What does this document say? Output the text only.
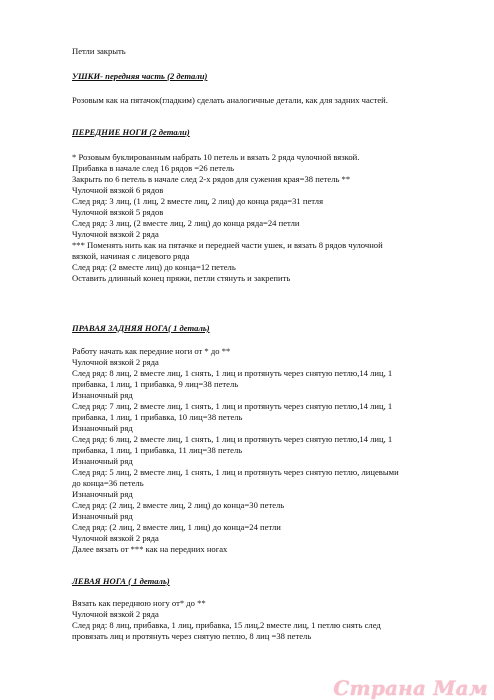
Петли закрыть
УШКИ- передняя часть (2 детали)
Розовым как на пятачок(гладким) сделать аналогичные детали, как для задних частей.
ПЕРЕДНИЕ НОГИ (2 детали)
* Розовым буклированным набрать 10 петель и вязать 2 ряда чулочной вязкой.
Прибавка в начале след 16 рядов =26 петель
Закрыть по 6 петель в начале след 2-х рядов для сужения края=38 петель **
Чулочной вязкой 6 рядов
След ряд: 3 лиц, (1 лиц, 2 вместе лиц, 2 лиц) до конца ряда=31 петля
Чулочной вязкой 5 рядов
След ряд: 3 лиц, (2 вместе лиц, 2 лиц) до конца ряда=24 петли
Чулочной вязкой 2 ряда
*** Поменять нить как на пятачке и передней части ушек, и вязать 8 рядов чулочной
вязкой, начиная с лицевого ряда
След ряд: (2 вместе лиц) до конца=12 петель
Оставить длинный конец пряжи, петли стянуть и закрепить
ПРАВАЯ ЗАДНЯЯ НОГА( 1 деталь)
Работу начать как передние ноги от * до **
Чулочной вязкой 2 ряда
След ряд: 8 лиц, 2 вместе лиц, 1 снять, 1 лиц и протянуть через снятую петлю,14 лиц, 1
прибавка, 1 лиц, 1 прибавка, 9 лиц=38 петель
Изнаночный ряд
След ряд: 7 лиц, 2 вместе лиц, 1 снять, 1 лиц и протянуть через снятую петлю,14 лиц, 1
прибавка, 1 лиц, 1 прибавка, 10 лиц=38 петель
Изнаночный ряд
След ряд: 6 лиц, 2 вместе лиц, 1 снять, 1 лиц и протянуть через снятую петлю,14 лиц, 1
прибавка, 1 лиц, 1 прибавка, 11 лиц=38 петель
Изнаночный ряд
След ряд: 5 лиц, 2 вместе лиц, 1 снять, 1 лиц и протянуть через снятую петлю, лицевыми
до конца=36 петель
Изнаночный ряд
След ряд: (2 лиц, 2 вместе лиц, 2 лиц) до конца=30 петель
Изнаночный ряд
След ряд: (2 лиц, 2 вместе лиц, 1 лиц) до конца=24 петли
Чулочной вязкой 2 ряда
Далее вязать от *** как на передних ногах
ЛЕВАЯ НОГА ( 1 деталь)
Вязать как переднюю ногу от* до **
Чулочной вязкой 2 ряда
След ряд: 8 лиц, прибавка, 1 лиц, прибавка, 15 лиц,2 вместе лиц, 1 петлю снять след
провязать лиц и протянуть через снятую петлю, 8 лиц =38 петель
Страна Мам
